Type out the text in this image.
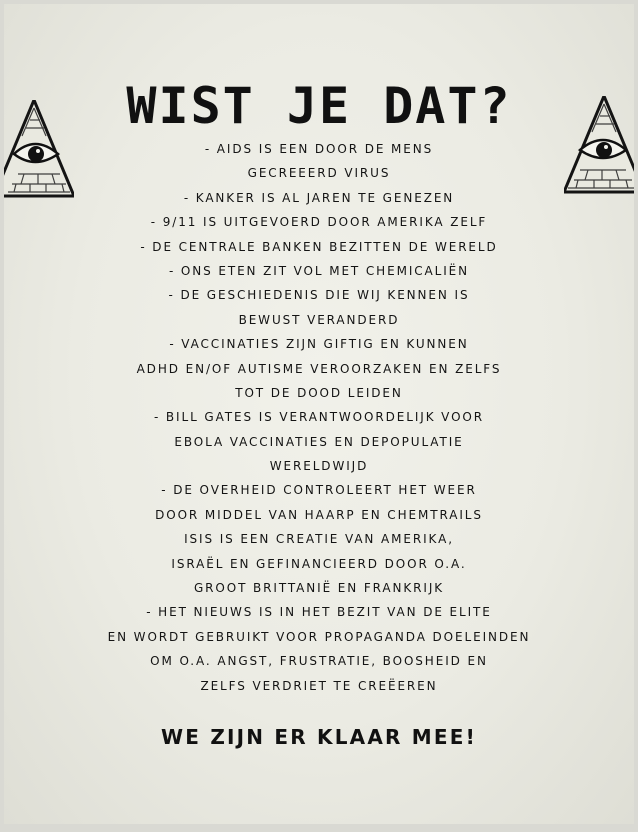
WIST JE DAT?
- AIDS IS EEN DOOR DE MENS
GECREEERD VIRUS
- KANKER IS AL JAREN TE GENEZEN
- 9/11 IS UITGEVOERD DOOR AMERIKA ZELF
- DE CENTRALE BANKEN BEZITTEN DE WERELD
- ONS ETEN ZIT VOL MET CHEMICALIËN
- DE GESCHIEDENIS DIE WIJ KENNEN IS
BEWUST VERANDERD
- VACCINATIES ZIJN GIFTIG EN KUNNEN
ADHD EN/OF AUTISME VEROORZAKEN EN ZELFS
TOT DE DOOD LEIDEN
- BILL GATES IS VERANTWOORDELIJK VOOR
EBOLA VACCINATIES EN DEPOPULATIE
WERELDWIJD
- DE OVERHEID CONTROLEERT HET WEER
DOOR MIDDEL VAN HAARP EN CHEMTRAILS
ISIS IS EEN CREATIE VAN AMERIKA,
ISRAËL EN GEFINANCIEERD DOOR O.A.
GROOT BRITTANIË EN FRANKRIJK
- HET NIEUWS IS IN HET BEZIT VAN DE ELITE
EN WORDT GEBRUIKT VOOR PROPAGANDA DOELEINDEN
OM O.A. ANGST, FRUSTRATIE, BOOSHEID EN
ZELFS VERDRIET TE CREËEREN
WE ZIJN ER KLAAR MEE!
